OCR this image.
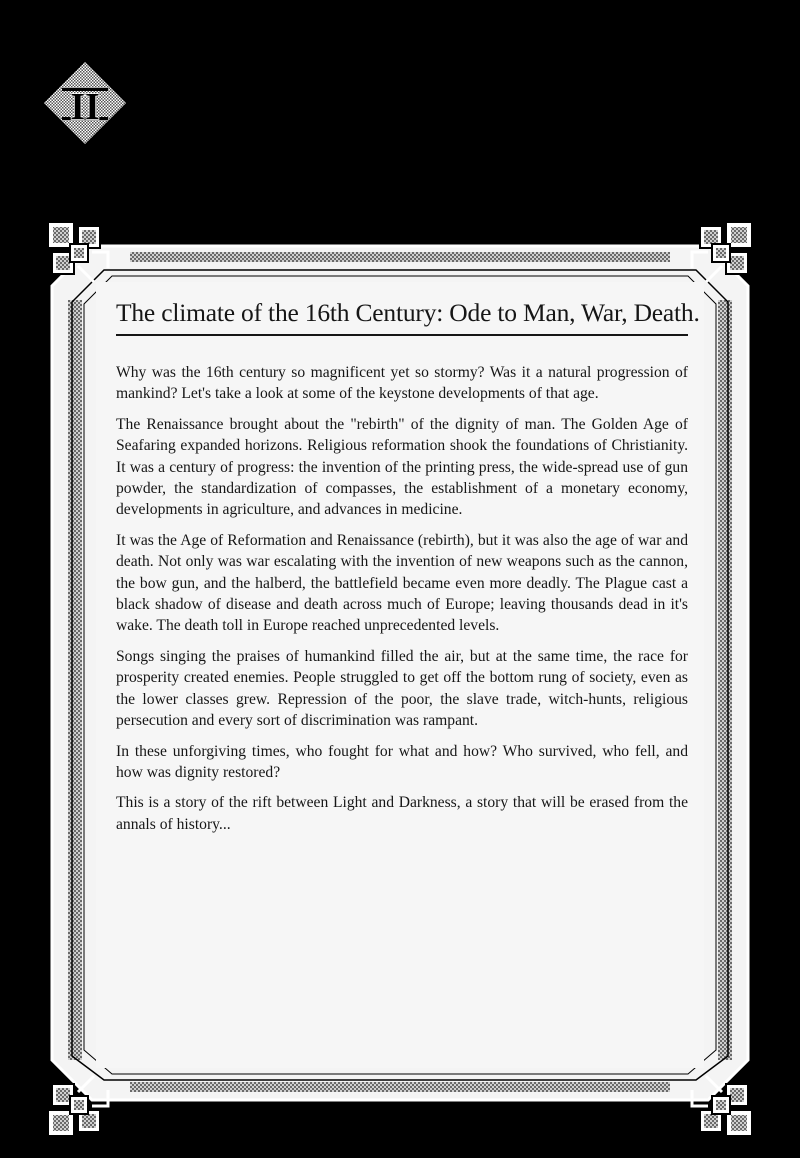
II
The climate of the 16th Century: Ode to Man, War, Death.

Why was the 16th century so magnificent yet so stormy? Was it a natural progression of mankind? Let's take a look at some of the keystone developments of that age.

The Renaissance brought about the "rebirth" of the dignity of man. The Golden Age of Seafaring expanded horizons. Religious reformation shook the foundations of Christianity. It was a century of progress: the invention of the printing press, the wide-spread use of gun powder, the standardization of compasses, the establishment of a monetary economy, developments in agriculture, and advances in medicine.

It was the Age of Reformation and Renaissance (rebirth), but it was also the age of war and death. Not only was war escalating with the invention of new weapons such as the cannon, the bow gun, and the halberd, the battlefield became even more deadly. The Plague cast a black shadow of disease and death across much of Europe; leaving thousands dead in it's wake. The death toll in Europe reached unprecedented levels.

Songs singing the praises of humankind filled the air, but at the same time, the race for prosperity created enemies. People struggled to get off the bottom rung of society, even as the lower classes grew. Repression of the poor, the slave trade, witch-hunts, religious persecution and every sort of discrimination was rampant.

In these unforgiving times, who fought for what and how? Who survived, who fell, and how was dignity restored?

This is a story of the rift between Light and Darkness, a story that will be erased from the annals of history...
